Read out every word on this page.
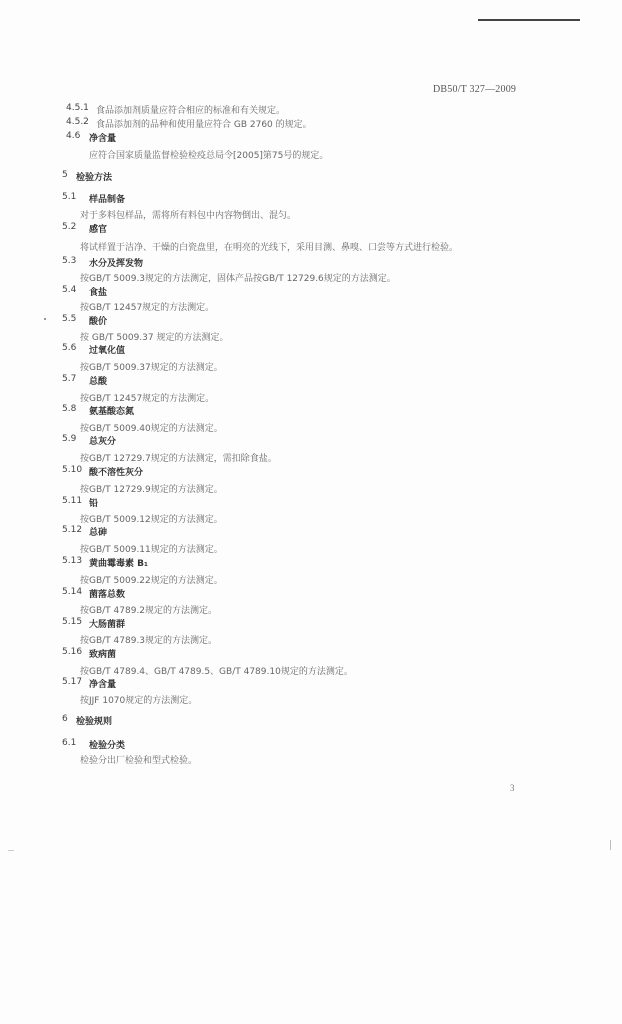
DB50/T 327—2009
4.5.1 食品添加剂质量应符合相应的标准和有关规定。
4.5.2 食品添加剂的品种和使用量应符合 GB 2760 的规定。
4.6 净含量
应符合国家质量监督检验检疫总局令[2005]第75号的规定。
5 检验方法
5.1 样品制备
对于多料包样品，需将所有料包中内容物倒出、混匀。
5.2 感官
将试样置于洁净、干燥的白瓷盘里，在明亮的光线下，采用目测、鼻嗅、口尝等方式进行检验。
5.3 水分及挥发物
按GB/T 5009.3规定的方法测定，固体产品按GB/T 12729.6规定的方法测定。
5.4 食盐
按GB/T 12457规定的方法测定。
5.5 酸价
按 GB/T 5009.37 规定的方法测定。
5.6 过氧化值
按GB/T 5009.37规定的方法测定。
5.7 总酸
按GB/T 12457规定的方法测定。
5.8 氨基酸态氮
按GB/T 5009.40规定的方法测定。
5.9 总灰分
按GB/T 12729.7规定的方法测定，需扣除食盐。
5.10 酸不溶性灰分
按GB/T 12729.9规定的方法测定。
5.11 铅
按GB/T 5009.12规定的方法测定。
5.12 总砷
按GB/T 5009.11规定的方法测定。
5.13 黄曲霉毒素 B₁
按GB/T 5009.22规定的方法测定。
5.14 菌落总数
按GB/T 4789.2规定的方法测定。
5.15 大肠菌群
按GB/T 4789.3规定的方法测定。
5.16 致病菌
按GB/T 4789.4、GB/T 4789.5、GB/T 4789.10规定的方法测定。
5.17 净含量
按JJF 1070规定的方法测定。
6 检验规则
6.1 检验分类
检验分出厂检验和型式检验。
3
